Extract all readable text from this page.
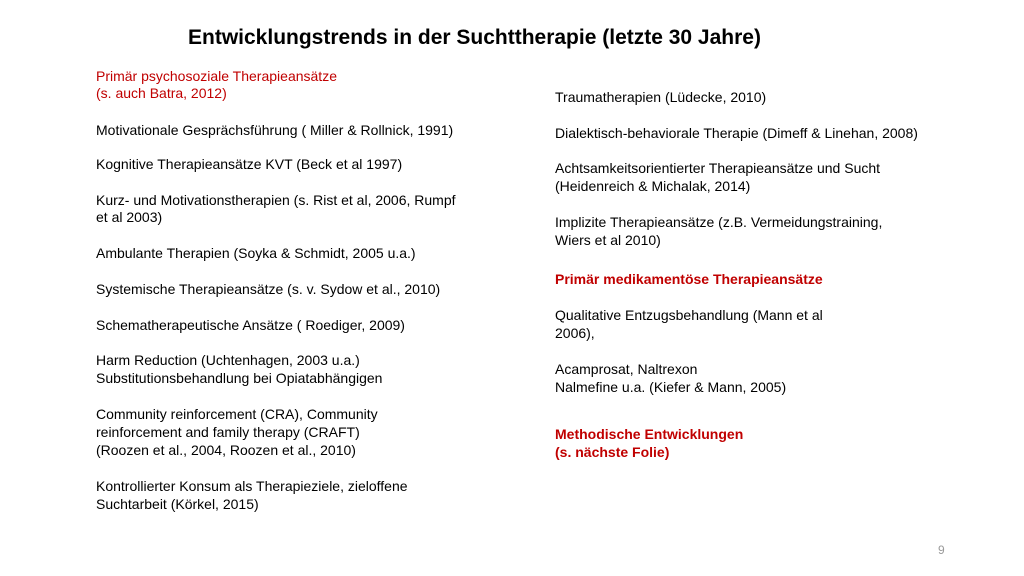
Entwicklungstrends in der Suchttherapie (letzte 30 Jahre)
Primär psychosoziale Therapieansätze
(s. auch Batra, 2012)
Motivationale Gesprächsführung ( Miller & Rollnick, 1991)
Kognitive Therapieansätze KVT (Beck et al 1997)
Kurz- und Motivationstherapien (s. Rist et al, 2006, Rumpf
et al 2003)
Ambulante Therapien (Soyka & Schmidt, 2005 u.a.)
Systemische Therapieansätze (s. v. Sydow et al., 2010)
Schematherapeutische Ansätze ( Roediger, 2009)
Harm Reduction (Uchtenhagen, 2003 u.a.)
Substitutionsbehandlung bei Opiatabhängigen
Community reinforcement (CRA), Community
reinforcement and family therapy (CRAFT)
(Roozen et al., 2004, Roozen et al., 2010)
Kontrollierter Konsum als Therapieziele, zieloffene
Suchtarbeit (Körkel, 2015)
Traumatherapien (Lüdecke, 2010)
Dialektisch-behaviorale Therapie (Dimeff & Linehan, 2008)
Achtsamkeitsorientierter Therapieansätze und Sucht
(Heidenreich & Michalak, 2014)
Implizite Therapieansätze (z.B. Vermeidungstraining,
Wiers et al 2010)
Primär medikamentöse Therapieansätze
Qualitative Entzugsbehandlung (Mann et al
2006),
Acamprosat, Naltrexon
Nalmefine u.a. (Kiefer & Mann, 2005)
Methodische Entwicklungen
(s. nächste Folie)
9
